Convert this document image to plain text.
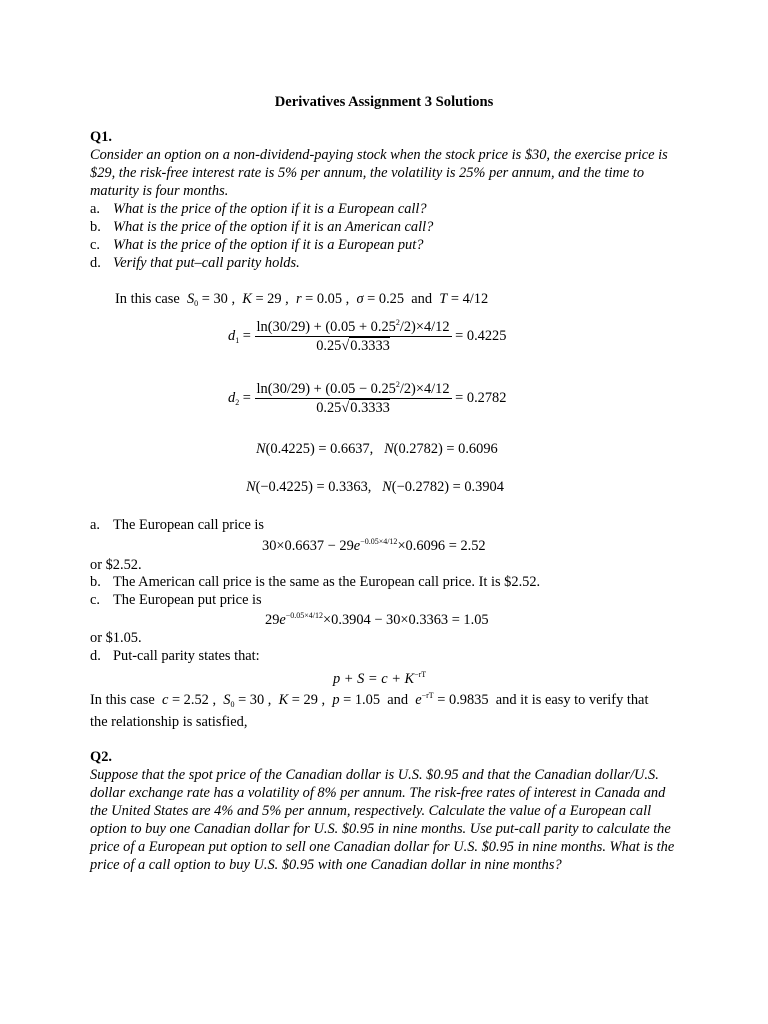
Derivatives Assignment 3 Solutions
Q1.
Consider an option on a non-dividend-paying stock when the stock price is $30, the exercise price is $29, the risk-free interest rate is 5% per annum, the volatility is 25% per annum, and the time to maturity is four months.
a. What is the price of the option if it is a European call?
b. What is the price of the option if it is an American call?
c. What is the price of the option if it is a European put?
d. Verify that put–call parity holds.
In this case $S_0 = 30$ ,  K = 29 ,  r = 0.05 ,  σ = 0.25 and T = 4/12
$d_1 = \frac{\ln(30/29) + (0.05 + 0.25^2/2)\times 4/12}{0.25√0.3333} = 0.4225$
$d_2 = \frac{\ln(30/29) + (0.05 - 0.25^2/2)\times 4/12}{0.25√0.3333} = 0.2782$
N(0.4225) = 0.6637, N(0.2782) = 0.6096
N(−0.4225) = 0.3363, N(−0.2782) = 0.3904
a. The European call price is
$30\times 0.6637 - 29e^{-0.05\times 4/12}\times 0.6096 = 2.52$
or $2.52.
b. The American call price is the same as the European call price. It is $2.52.
c. The European put price is
$29e^{-0.05\times 4/12}\times 0.3904 - 30\times 0.3363 = 1.05$
or $1.05.
d. Put-call parity states that:
$p + S = c + K^{-rT}$
In this case c = 2.52 , $S_0 = 30$ , K = 29 , p = 1.05 and $e^{-rT} = 0.9835$ and it is easy to verify that
the relationship is satisfied,
Q2.
Suppose that the spot price of the Canadian dollar is U.S. $0.95 and that the Canadian dollar/U.S. dollar exchange rate has a volatility of 8% per annum. The risk-free rates of interest in Canada and the United States are 4% and 5% per annum, respectively. Calculate the value of a European call option to buy one Canadian dollar for U.S. $0.95 in nine months. Use put-call parity to calculate the price of a European put option to sell one Canadian dollar for U.S. $0.95 in nine months. What is the price of a call option to buy U.S. $0.95 with one Canadian dollar in nine months?
